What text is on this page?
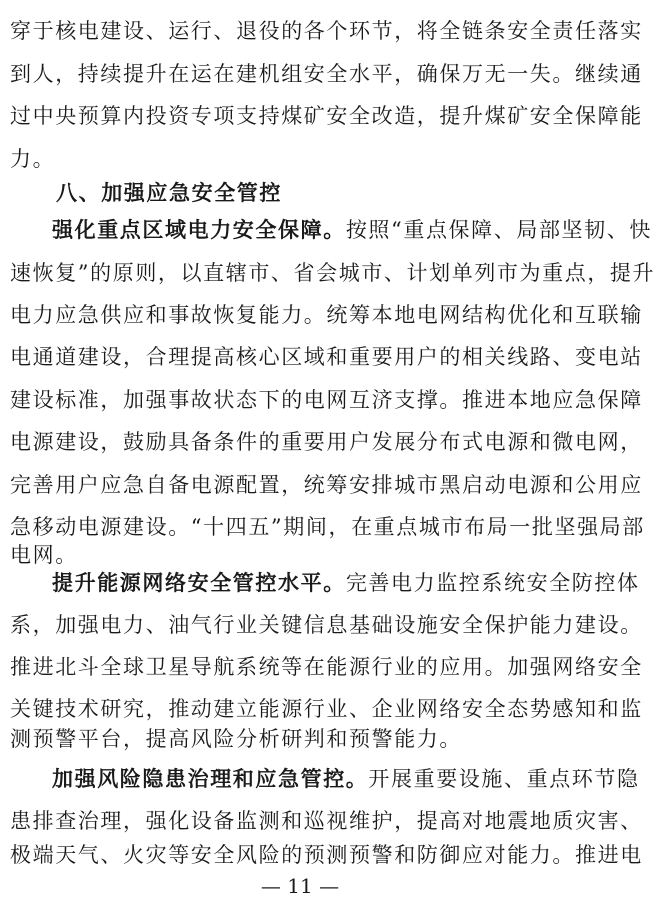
穿于核电建设、运行、退役的各个环节，将全链条安全责任落实
到人，持续提升在运在建机组安全水平，确保万无一失。继续通
过中央预算内投资专项支持煤矿安全改造，提升煤矿安全保障能
力。
八、加强应急安全管控
强化重点区域电力安全保障。按照“重点保障、局部坚韧、快
速恢复”的原则，以直辖市、省会城市、计划单列市为重点，提升
电力应急供应和事故恢复能力。统筹本地电网结构优化和互联输
电通道建设，合理提高核心区域和重要用户的相关线路、变电站
建设标准，加强事故状态下的电网互济支撑。推进本地应急保障
电源建设，鼓励具备条件的重要用户发展分布式电源和微电网，
完善用户应急自备电源配置，统筹安排城市黑启动电源和公用应
急移动电源建设。“十四五”期间，在重点城市布局一批坚强局部
电网。
提升能源网络安全管控水平。完善电力监控系统安全防控体
系，加强电力、油气行业关键信息基础设施安全保护能力建设。
推进北斗全球卫星导航系统等在能源行业的应用。加强网络安全
关键技术研究，推动建立能源行业、企业网络安全态势感知和监
测预警平台，提高风险分析研判和预警能力。
加强风险隐患治理和应急管控。开展重要设施、重点环节隐
患排查治理，强化设备监测和巡视维护，提高对地震地质灾害、
极端天气、火灾等安全风险的预测预警和防御应对能力。推进电
— 11 —
